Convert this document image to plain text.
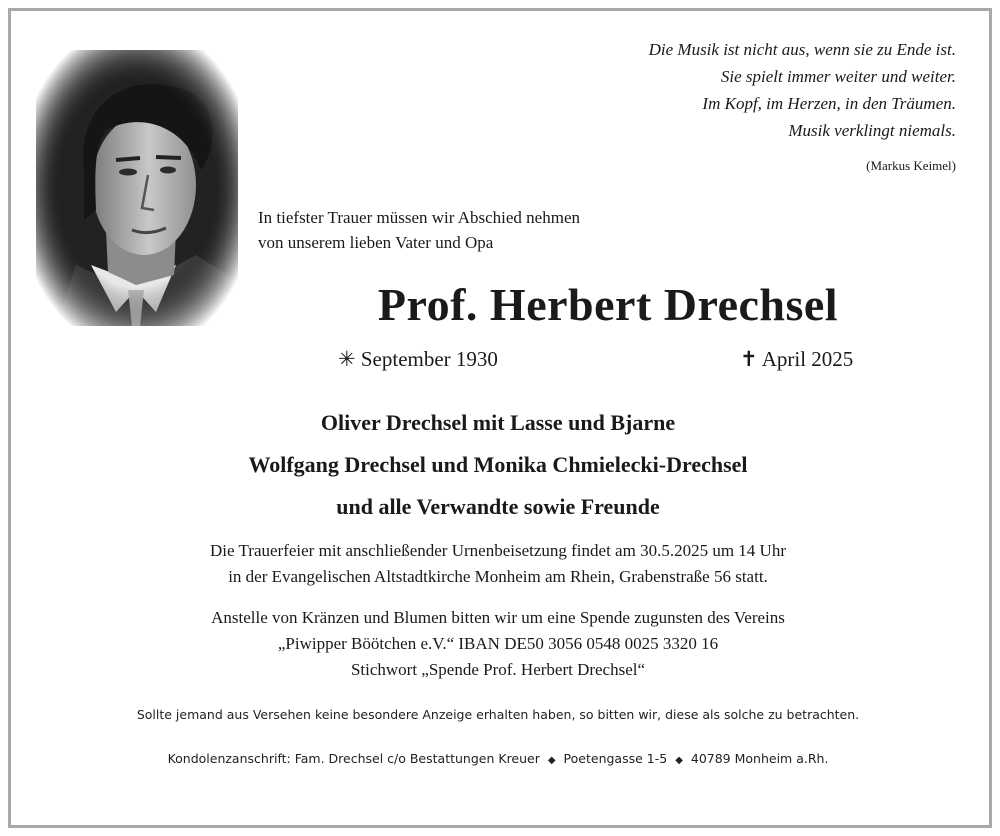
Die Musik ist nicht aus, wenn sie zu Ende ist.
Sie spielt immer weiter und weiter.
Im Kopf, im Herzen, in den Träumen.
Musik verklingt niemals.
(Markus Keimel)
In tiefster Trauer müssen wir Abschied nehmen
von unserem lieben Vater und Opa
Prof. Herbert Drechsel
✳ September 1930	✝ April 2025
Oliver Drechsel mit Lasse und Bjarne
Wolfgang Drechsel und Monika Chmielecki-Drechsel
und alle Verwandte sowie Freunde
Die Trauerfeier mit anschließender Urnenbeisetzung findet am 30.5.2025 um 14 Uhr
in der Evangelischen Altstadtkirche Monheim am Rhein, Grabenstraße 56 statt.
Anstelle von Kränzen und Blumen bitten wir um eine Spende zugunsten des Vereins
„Piwipper Böötchen e.V.“ IBAN DE50 3056 0548 0025 3320 16
Stichwort „Spende Prof. Herbert Drechsel“
Sollte jemand aus Versehen keine besondere Anzeige erhalten haben, so bitten wir, diese als solche zu betrachten.
Kondolenzanschrift: Fam. Drechsel c/o Bestattungen Kreuer ◆ Poetengasse 1-5 ◆ 40789 Monheim a.Rh.
